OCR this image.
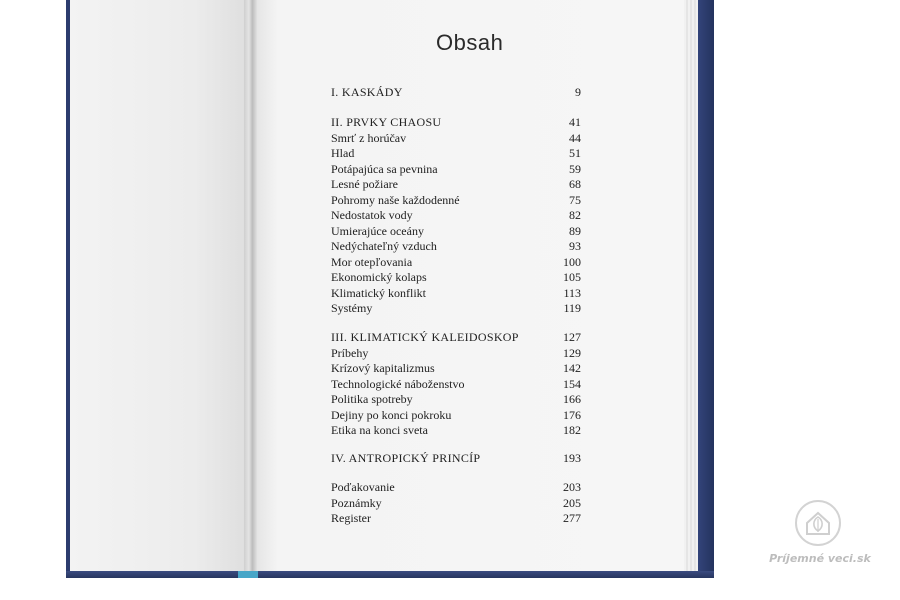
Obsah
I. KASKÁDY	9
II. PRVKY CHAOSU	41
Smrť z horúčav	44
Hlad	51
Potápajúca sa pevnina	59
Lesné požiare	68
Pohromy naše každodenné	75
Nedostatok vody	82
Umierajúce oceány	89
Nedýchateľný vzduch	93
Mor otepľovania	100
Ekonomický kolaps	105
Klimatický konflikt	113
Systémy	119
III. KLIMATICKÝ KALEIDOSKOP	127
Príbehy	129
Krízový kapitalizmus	142
Technologické náboženstvo	154
Politika spotreby	166
Dejiny po konci pokroku	176
Etika na konci sveta	182
IV. ANTROPICKÝ PRINCÍP	193
Poďakovanie	203
Poznámky	205
Register	277
Príjemné veci.sk
